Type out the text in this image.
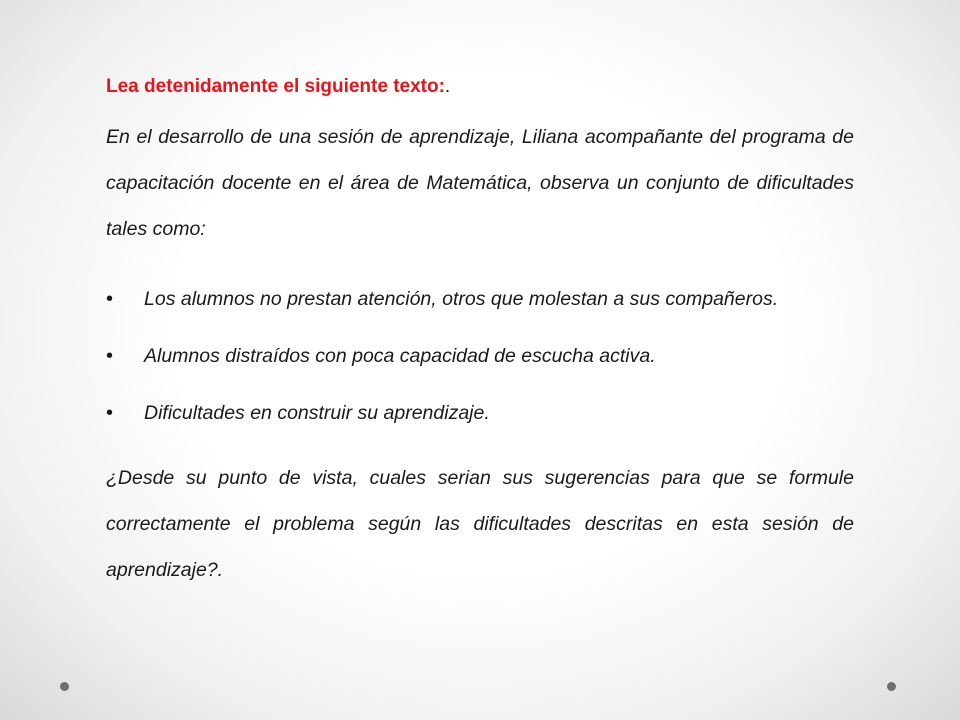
Lea detenidamente el siguiente texto:.

En el desarrollo de una sesión de aprendizaje, Liliana acompañante del programa de capacitación docente en el área de Matemática, observa un conjunto de dificultades tales como:

• Los alumnos no prestan atención, otros que molestan a sus compañeros.
• Alumnos distraídos con poca capacidad de escucha activa.
• Dificultades en construir su aprendizaje.

¿Desde su punto de vista, cuales serian sus sugerencias para que se formule correctamente el problema según las dificultades descritas en esta sesión de aprendizaje?.
